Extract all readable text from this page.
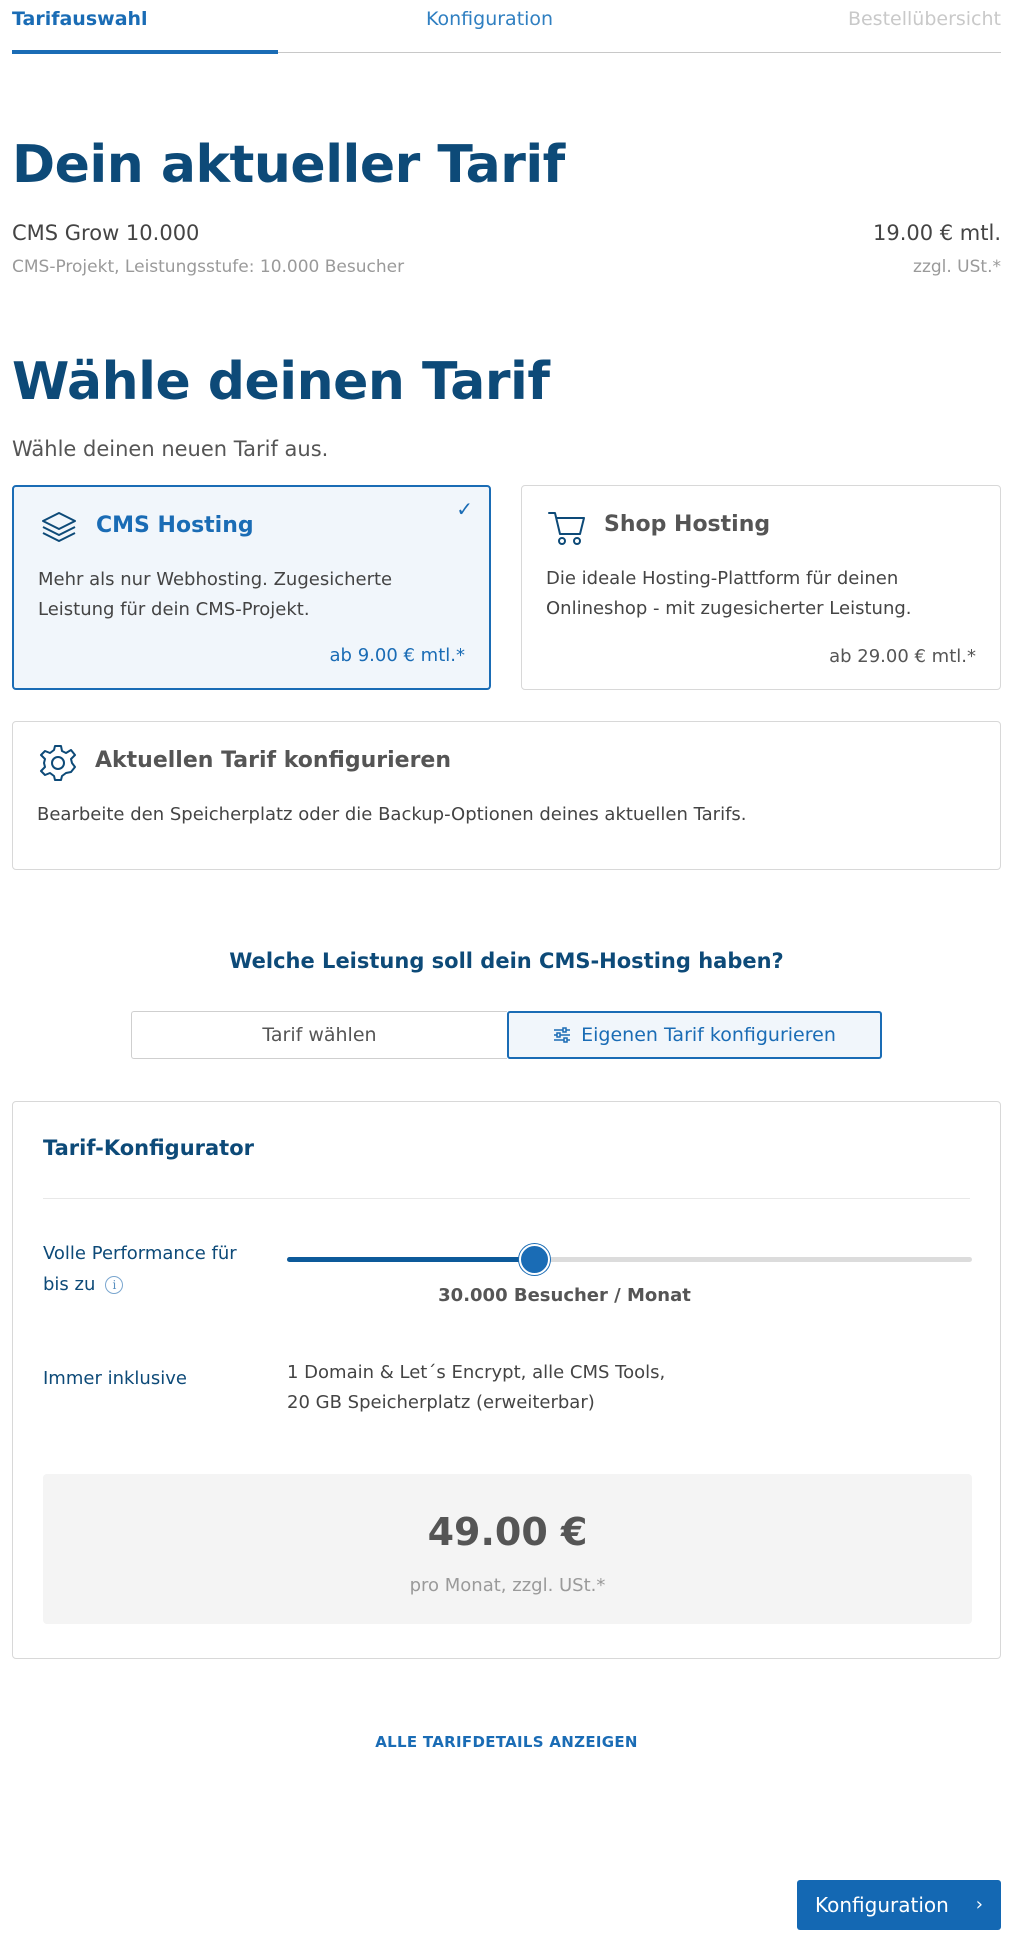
Tarifauswahl	Konfiguration	Bestellübersicht
Dein aktueller Tarif
CMS Grow 10.000
CMS-Projekt, Leistungsstufe: 10.000 Besucher
19.00 € mtl.
zzgl. USt.*
Wähle deinen Tarif
Wähle deinen neuen Tarif aus.
✓
CMS Hosting
Mehr als nur Webhosting. Zugesicherte Leistung für dein CMS-Projekt.
ab 9.00 € mtl.*
Shop Hosting
Die ideale Hosting-Plattform für deinen Onlineshop - mit zugesicherter Leistung.
ab 29.00 € mtl.*
Aktuellen Tarif konfigurieren
Bearbeite den Speicherplatz oder die Backup-Optionen deines aktuellen Tarifs.
Welche Leistung soll dein CMS-Hosting haben?
Tarif wählen	Eigenen Tarif konfigurieren
Tarif-Konfigurator
Volle Performance für bis zu i	30.000 Besucher / Monat
Immer inklusive	1 Domain & Let´s Encrypt, alle CMS Tools,
20 GB Speicherplatz (erweiterbar)
49.00 €
pro Monat, zzgl. USt.*
ALLE TARIFDETAILS ANZEIGEN
Konfiguration ›
